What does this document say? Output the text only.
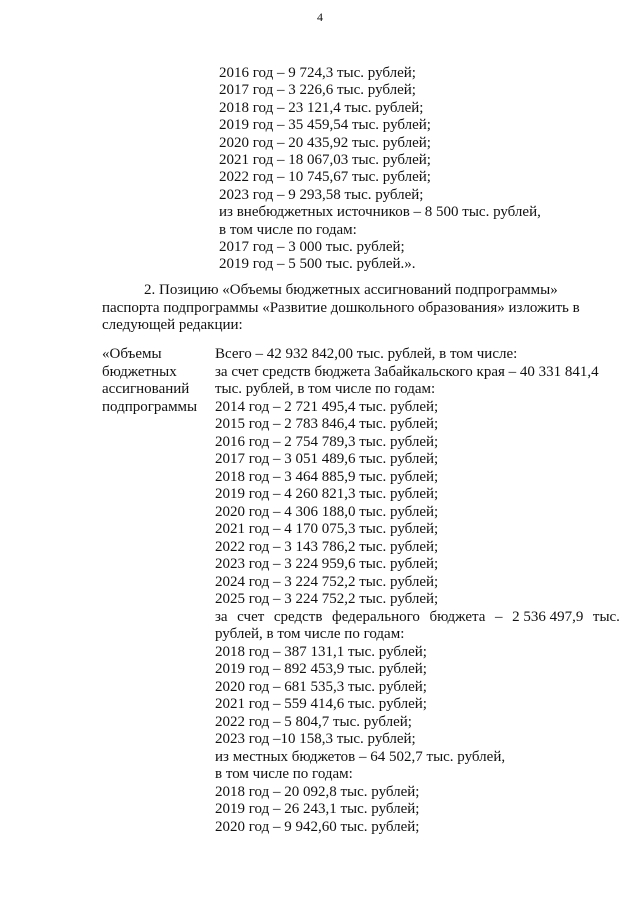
4
2016 год – 9 724,3 тыс. рублей;
2017 год – 3 226,6 тыс. рублей;
2018 год – 23 121,4 тыс. рублей;
2019 год – 35 459,54 тыс. рублей;
2020 год – 20 435,92 тыс. рублей;
2021 год – 18 067,03 тыс. рублей;
2022 год – 10 745,67 тыс. рублей;
2023 год – 9 293,58 тыс. рублей;
из внебюджетных источников – 8 500 тыс. рублей,
в том числе по годам:
2017 год – 3 000 тыс. рублей;
2019 год – 5 500 тыс. рублей.».
2. Позицию «Объемы бюджетных ассигнований подпрограммы»
паспорта подпрограммы «Развитие дошкольного образования» изложить в
следующей редакции:
«Объемы
бюджетных
ассигнований
подпрограммы
Всего – 42 932 842,00 тыс. рублей, в том числе:
за счет средств бюджета Забайкальского края – 40 331 841,4
тыс. рублей, в том числе по годам:
2014 год – 2 721 495,4 тыс. рублей;
2015 год – 2 783 846,4 тыс. рублей;
2016 год – 2 754 789,3 тыс. рублей;
2017 год – 3 051 489,6 тыс. рублей;
2018 год – 3 464 885,9 тыс. рублей;
2019 год – 4 260 821,3 тыс. рублей;
2020 год – 4 306 188,0 тыс. рублей;
2021 год – 4 170 075,3 тыс. рублей;
2022 год – 3 143 786,2 тыс. рублей;
2023 год – 3 224 959,6 тыс. рублей;
2024 год – 3 224 752,2 тыс. рублей;
2025 год – 3 224 752,2 тыс. рублей;
за счет средств федерального бюджета – 2 536 497,9 тыс.
рублей, в том числе по годам:
2018 год – 387 131,1 тыс. рублей;
2019 год – 892 453,9 тыс. рублей;
2020 год – 681 535,3 тыс. рублей;
2021 год – 559 414,6 тыс. рублей;
2022 год – 5 804,7 тыс. рублей;
2023 год –10 158,3 тыс. рублей;
из местных бюджетов – 64 502,7 тыс. рублей,
в том числе по годам:
2018 год – 20 092,8 тыс. рублей;
2019 год – 26 243,1 тыс. рублей;
2020 год – 9 942,60 тыс. рублей;
